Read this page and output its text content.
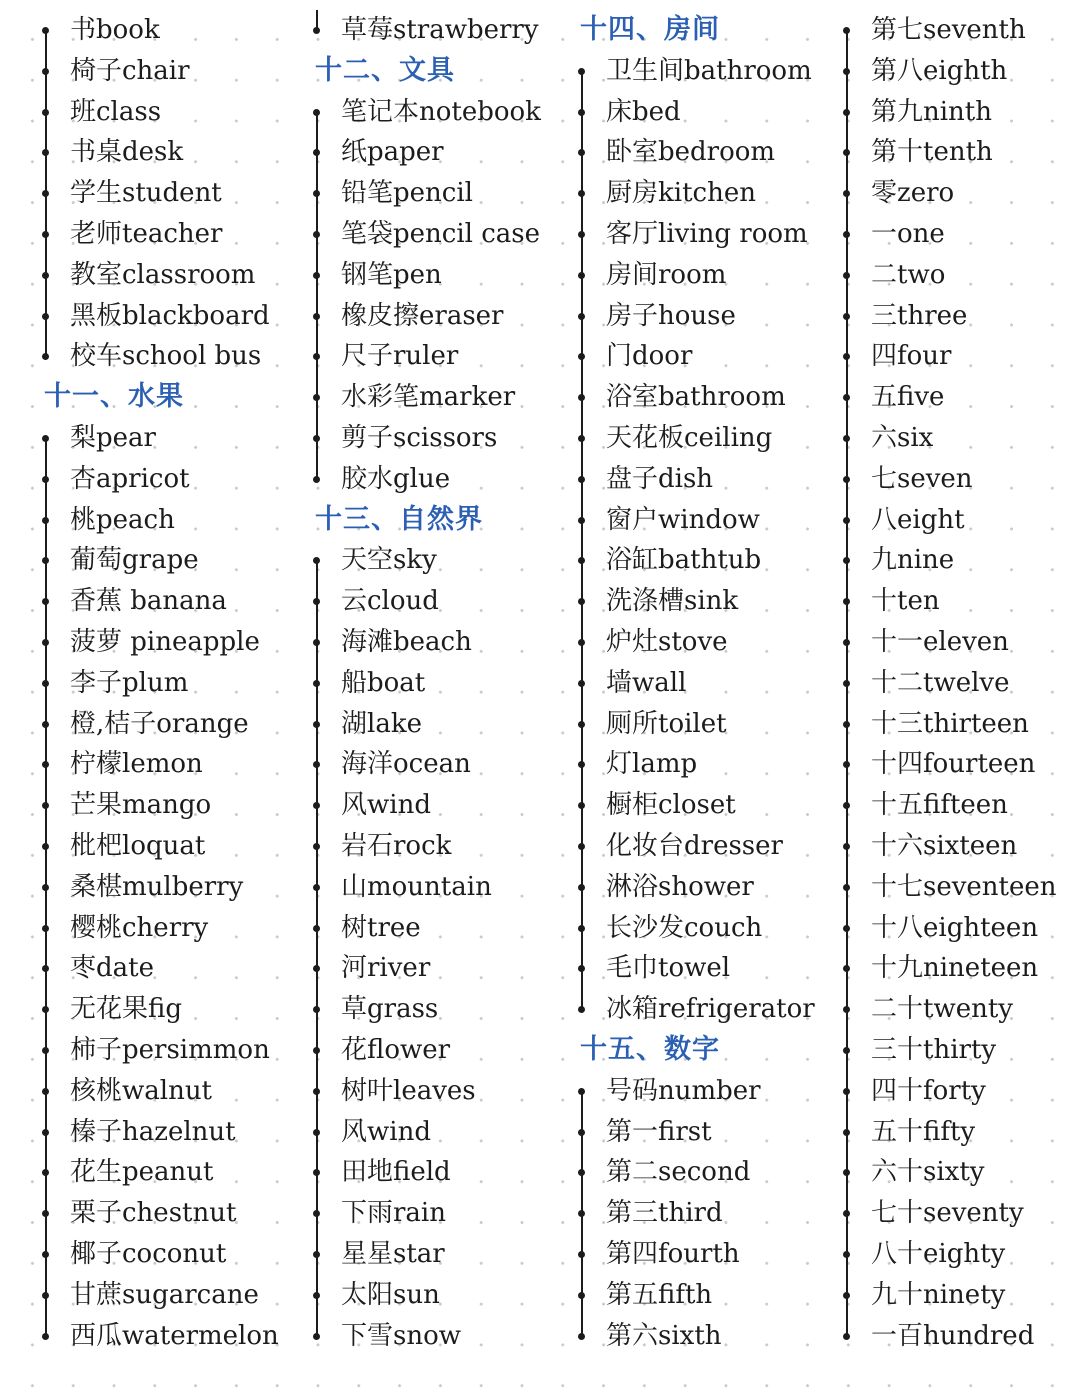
书book
椅子chair
班class
书桌desk
学生student
老师teacher
教室classroom
黑板blackboard
校车school bus
十一、水果
梨pear
杏apricot
桃peach
葡萄grape
香蕉 banana
菠萝 pineapple
李子plum
橙,桔子orange
柠檬lemon
芒果mango
枇杷loquat
桑椹mulberry
樱桃cherry
枣date
无花果fig
柿子persimmon
核桃walnut
榛子hazelnut
花生peanut
栗子chestnut
椰子coconut
甘蔗sugarcane
西瓜watermelon
草莓strawberry
十二、文具
笔记本notebook
纸paper
铅笔pencil
笔袋pencil case
钢笔pen
橡皮擦eraser
尺子ruler
水彩笔marker
剪子scissors
胶水glue
十三、自然界
天空sky
云cloud
海滩beach
船boat
湖lake
海洋ocean
风wind
岩石rock
山mountain
树tree
河river
草grass
花flower
树叶leaves
风wind
田地field
下雨rain
星星star
太阳sun
下雪snow
十四、房间
卫生间bathroom
床bed
卧室bedroom
厨房kitchen
客厅living room
房间room
房子house
门door
浴室bathroom
天花板ceiling
盘子dish
窗户window
浴缸bathtub
洗涤槽sink
炉灶stove
墙wall
厕所toilet
灯lamp
橱柜closet
化妆台dresser
淋浴shower
长沙发couch
毛巾towel
冰箱refrigerator
十五、数字
号码number
第一first
第二second
第三third
第四fourth
第五fifth
第六sixth
第七seventh
第八eighth
第九ninth
第十tenth
零zero
一one
二two
三three
四four
五five
六six
七seven
八eight
九nine
十ten
十一eleven
十二twelve
十三thirteen
十四fourteen
十五fifteen
十六sixteen
十七seventeen
十八eighteen
十九nineteen
二十twenty
三十thirty
四十forty
五十fifty
六十sixty
七十seventy
八十eighty
九十ninety
一百hundred
